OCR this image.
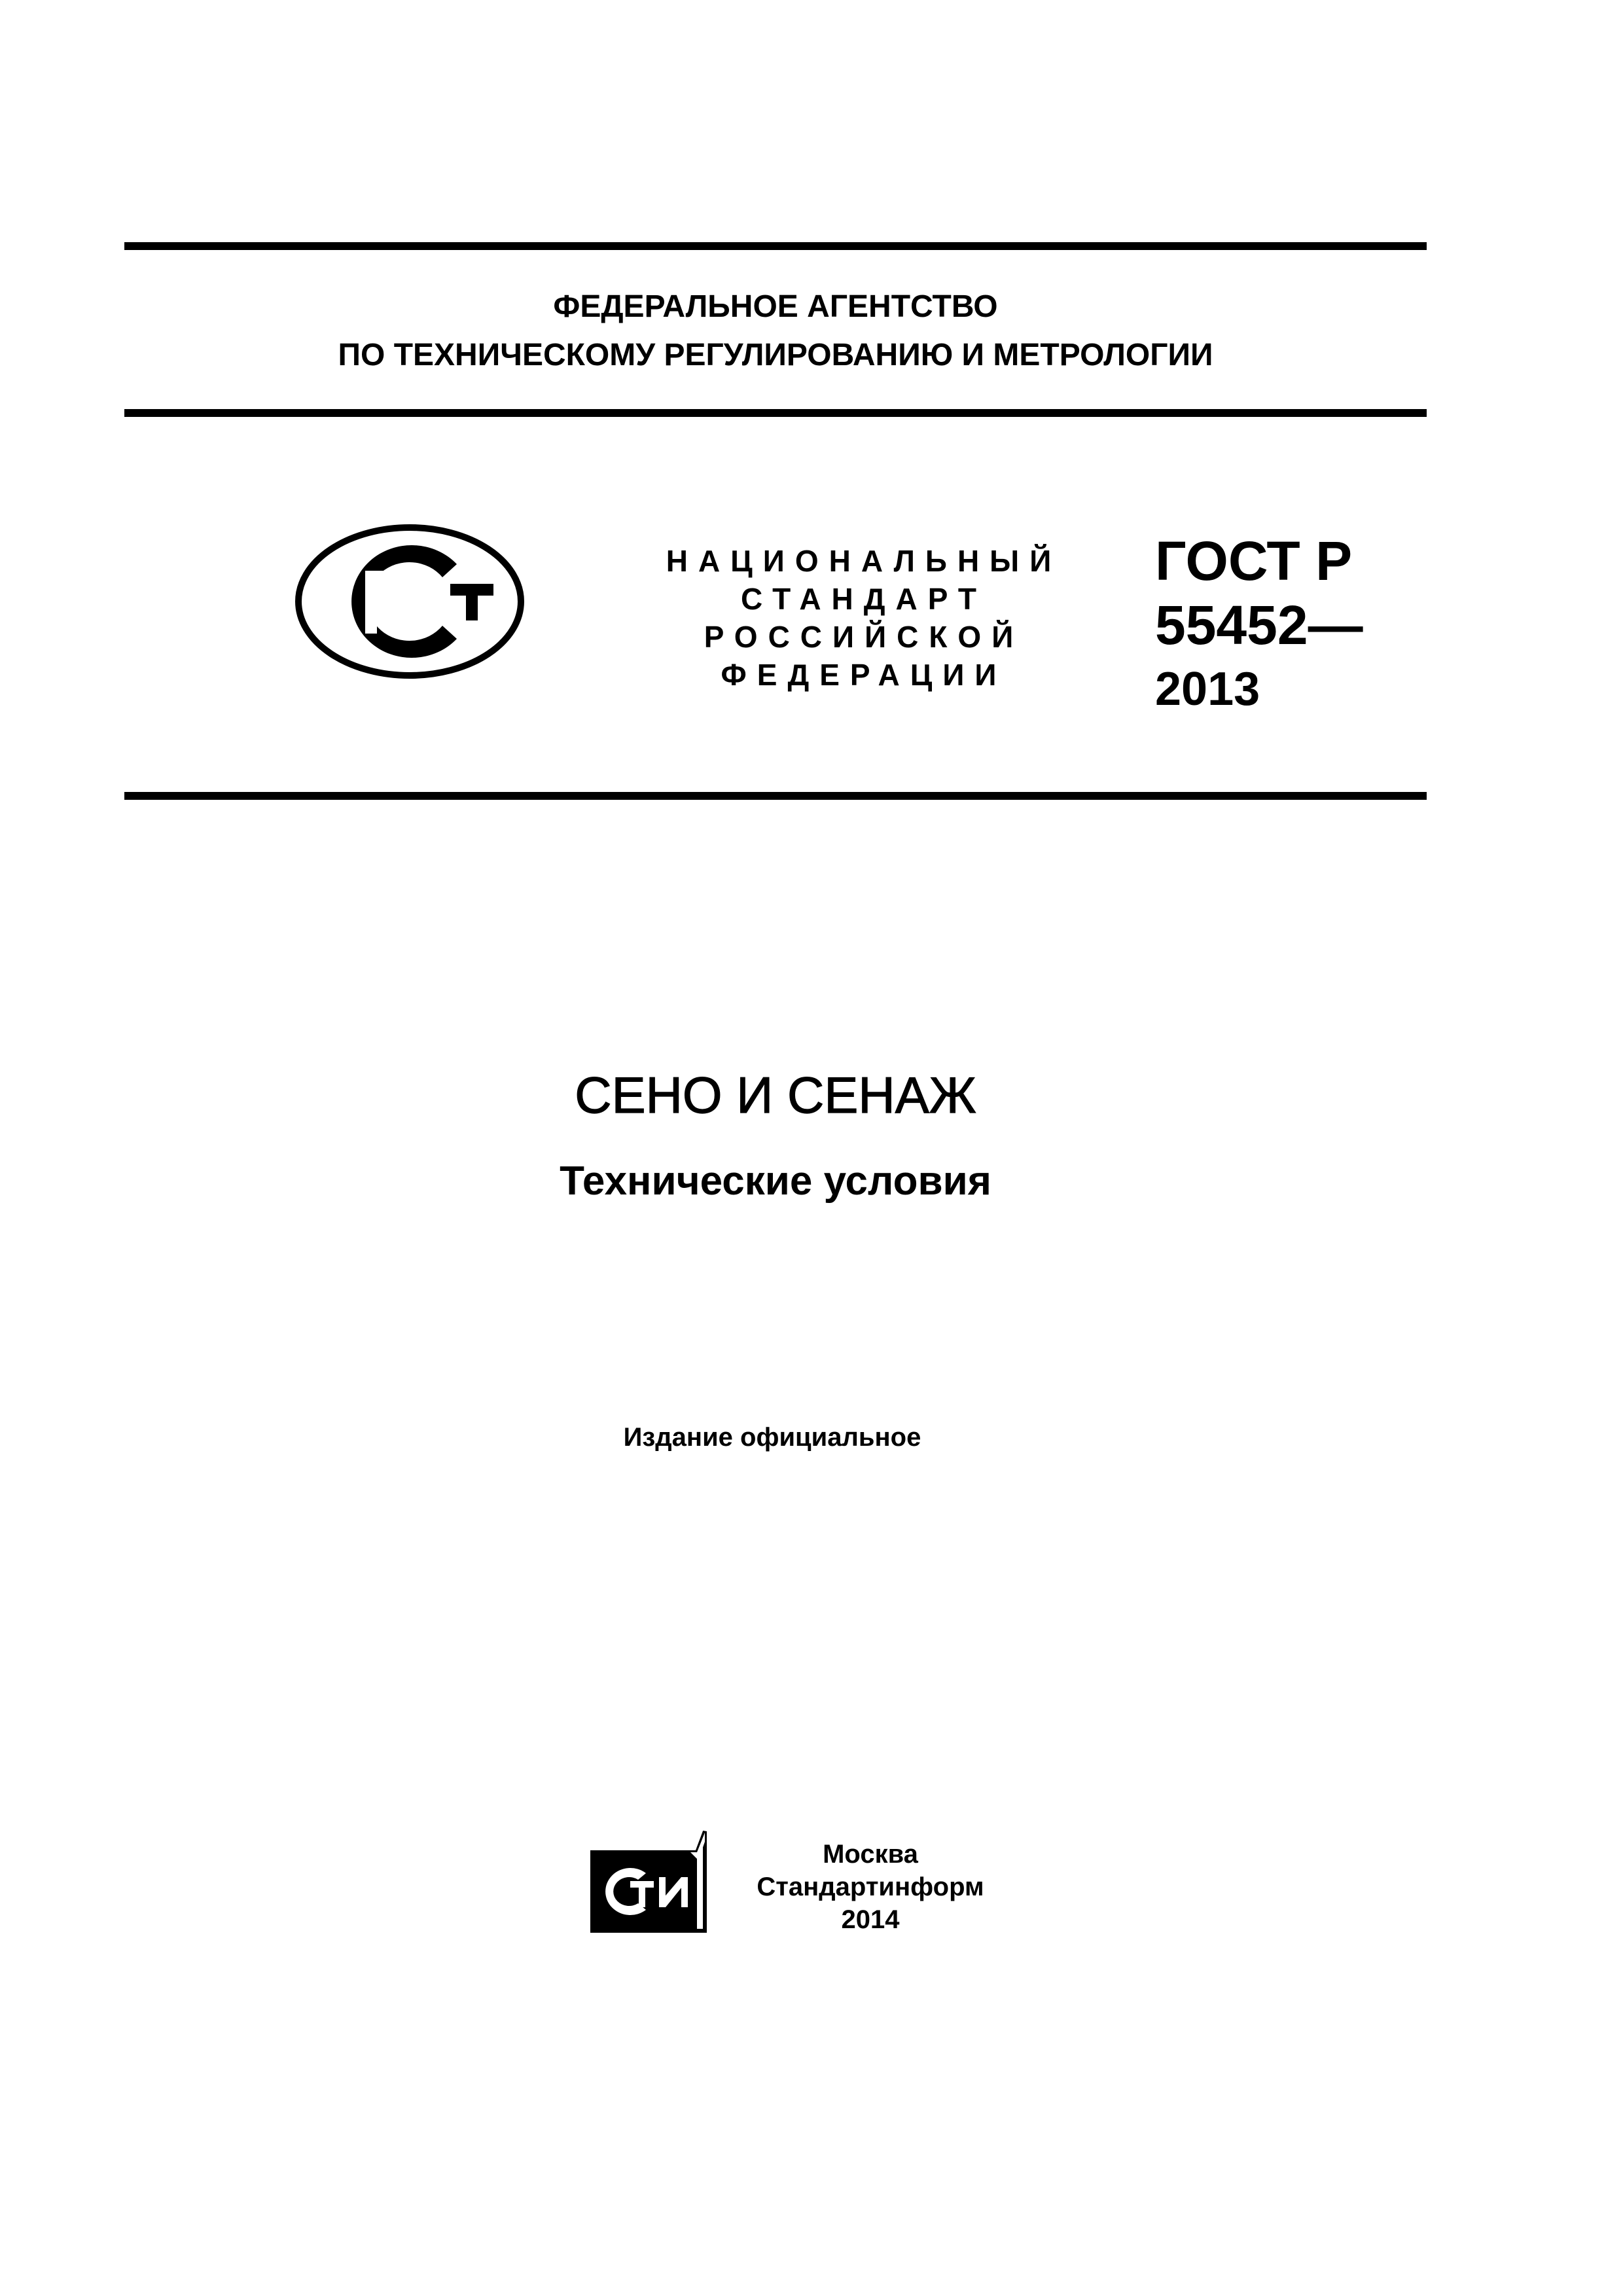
ФЕДЕРАЛЬНОЕ АГЕНТСТВО
ПО ТЕХНИЧЕСКОМУ РЕГУЛИРОВАНИЮ И МЕТРОЛОГИИ
НАЦИОНАЛЬНЫЙ
СТАНДАРТ
РОССИЙСКОЙ
ФЕДЕРАЦИИ
ГОСТ Р
55452—
2013
СЕНО И СЕНАЖ
Технические условия
Издание официальное
Москва
Стандартинформ
2014
